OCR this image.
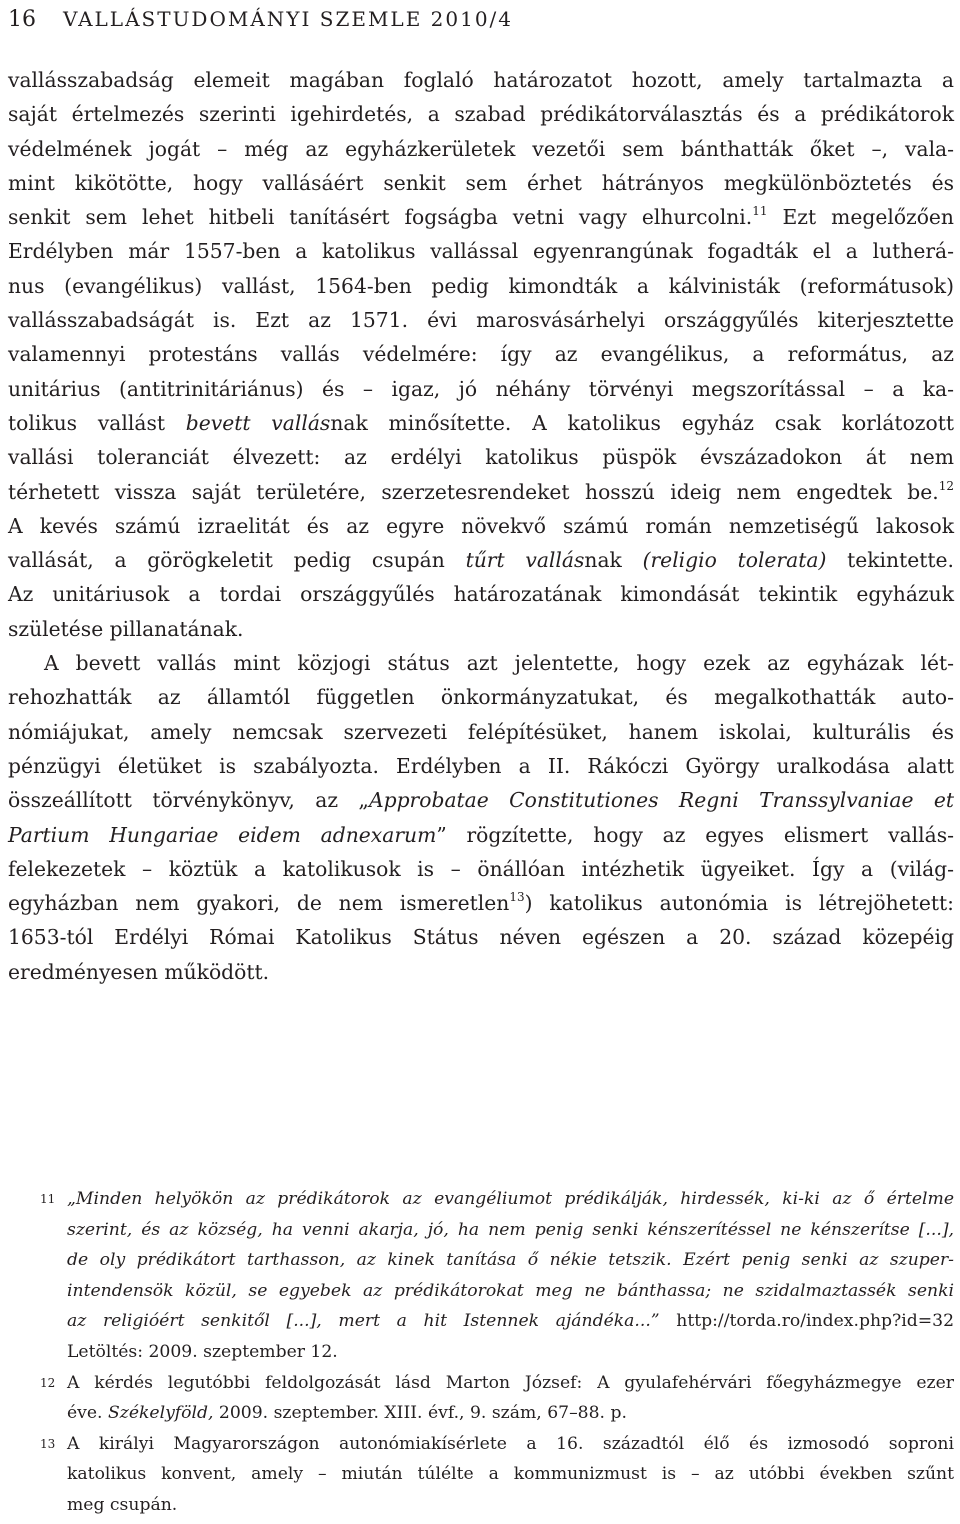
16 VALLÁSTUDOMÁNYI SZEMLE 2010/4
vallásszabadság elemeit magában foglaló határozatot hozott, amely tartalmazta a
saját értelmezés szerinti igehirdetés, a szabad prédikátorválasztás és a prédikátorok
védelmének jogát – még az egyházkerületek vezetői sem bánthatták őket –, vala-
mint kikötötte, hogy vallásáért senkit sem érhet hátrányos megkülönböztetés és
senkit sem lehet hitbeli tanításért fogságba vetni vagy elhurcolni.$^{11}$ Ezt megelőzően
Erdélyben már 1557-ben a katolikus vallással egyenrangúnak fogadták el a lutherá-
nus (evangélikus) vallást, 1564-ben pedig kimondták a kálvinisták (reformátusok)
vallásszabadságát is. Ezt az 1571. évi marosvásárhelyi országgyűlés kiterjesztette
valamennyi protestáns vallás védelmére: így az evangélikus, a református, az
unitárius (antitrinitáriánus) és – igaz, jó néhány törvényi megszorítással – a ka-
tolikus vallást bevett vallásnak minősítette. A katolikus egyház csak korlátozott
vallási toleranciát élvezett: az erdélyi katolikus püspök évszázadokon át nem
térhetett vissza saját területére, szerzetesrendeket hosszú ideig nem engedtek be.$^{12}$
A kevés számú izraelitát és az egyre növekvő számú román nemzetiségű lakosok
vallását, a görögkeletit pedig csupán tűrt vallásnak (religio tolerata) tekintette.
Az unitáriusok a tordai országgyűlés határozatának kimondását tekintik egyházuk
születése pillanatának.
A bevett vallás mint közjogi státus azt jelentette, hogy ezek az egyházak lét-
rehozhatták az államtól független önkormányzatukat, és megalkothatták auto-
nómiájukat, amely nemcsak szervezeti felépítésüket, hanem iskolai, kulturális és
pénzügyi életüket is szabályozta. Erdélyben a II. Rákóczi György uralkodása alatt
összeállított törvénykönyv, az „Approbatae Constitutiones Regni Transsylvaniae et
Partium Hungariae eidem adnexarum” rögzítette, hogy az egyes elismert vallás-
felekezetek – köztük a katolikusok is – önállóan intézhetik ügyeiket. Így a (világ-
egyházban nem gyakori, de nem ismeretlen$^{13}$) katolikus autonómia is létrejöhetett:
1653-tól Erdélyi Római Katolikus Státus néven egészen a 20. század közepéig
eredményesen működött.
11 „Minden helyökön az prédikátorok az evangéliumot prédikálják, hirdessék, ki-ki az ő értelme
szerint, és az község, ha venni akarja, jó, ha nem penig senki kénszerítéssel ne kénszerítse [...],
de oly prédikátort tarthasson, az kinek tanítása ő nékie tetszik. Ezért penig senki az szuper-
intendensök közül, se egyebek az prédikátorokat meg ne bánthassa; ne szidalmaztassék senki
az religióért senkitől [...], mert a hit Istennek ajándéka...” http://torda.ro/index.php?id=32
Letöltés: 2009. szeptember 12.
12 A kérdés legutóbbi feldolgozását lásd Marton József: A gyulafehérvári főegyházmegye ezer
éve. Székelyföld, 2009. szeptember. XIII. évf., 9. szám, 67–88. p.
13 A királyi Magyarországon autonómiakísérlete a 16. századtól élő és izmosodó soproni
katolikus konvent, amely – miután túlélte a kommunizmust is – az utóbbi években szűnt
meg csupán.
